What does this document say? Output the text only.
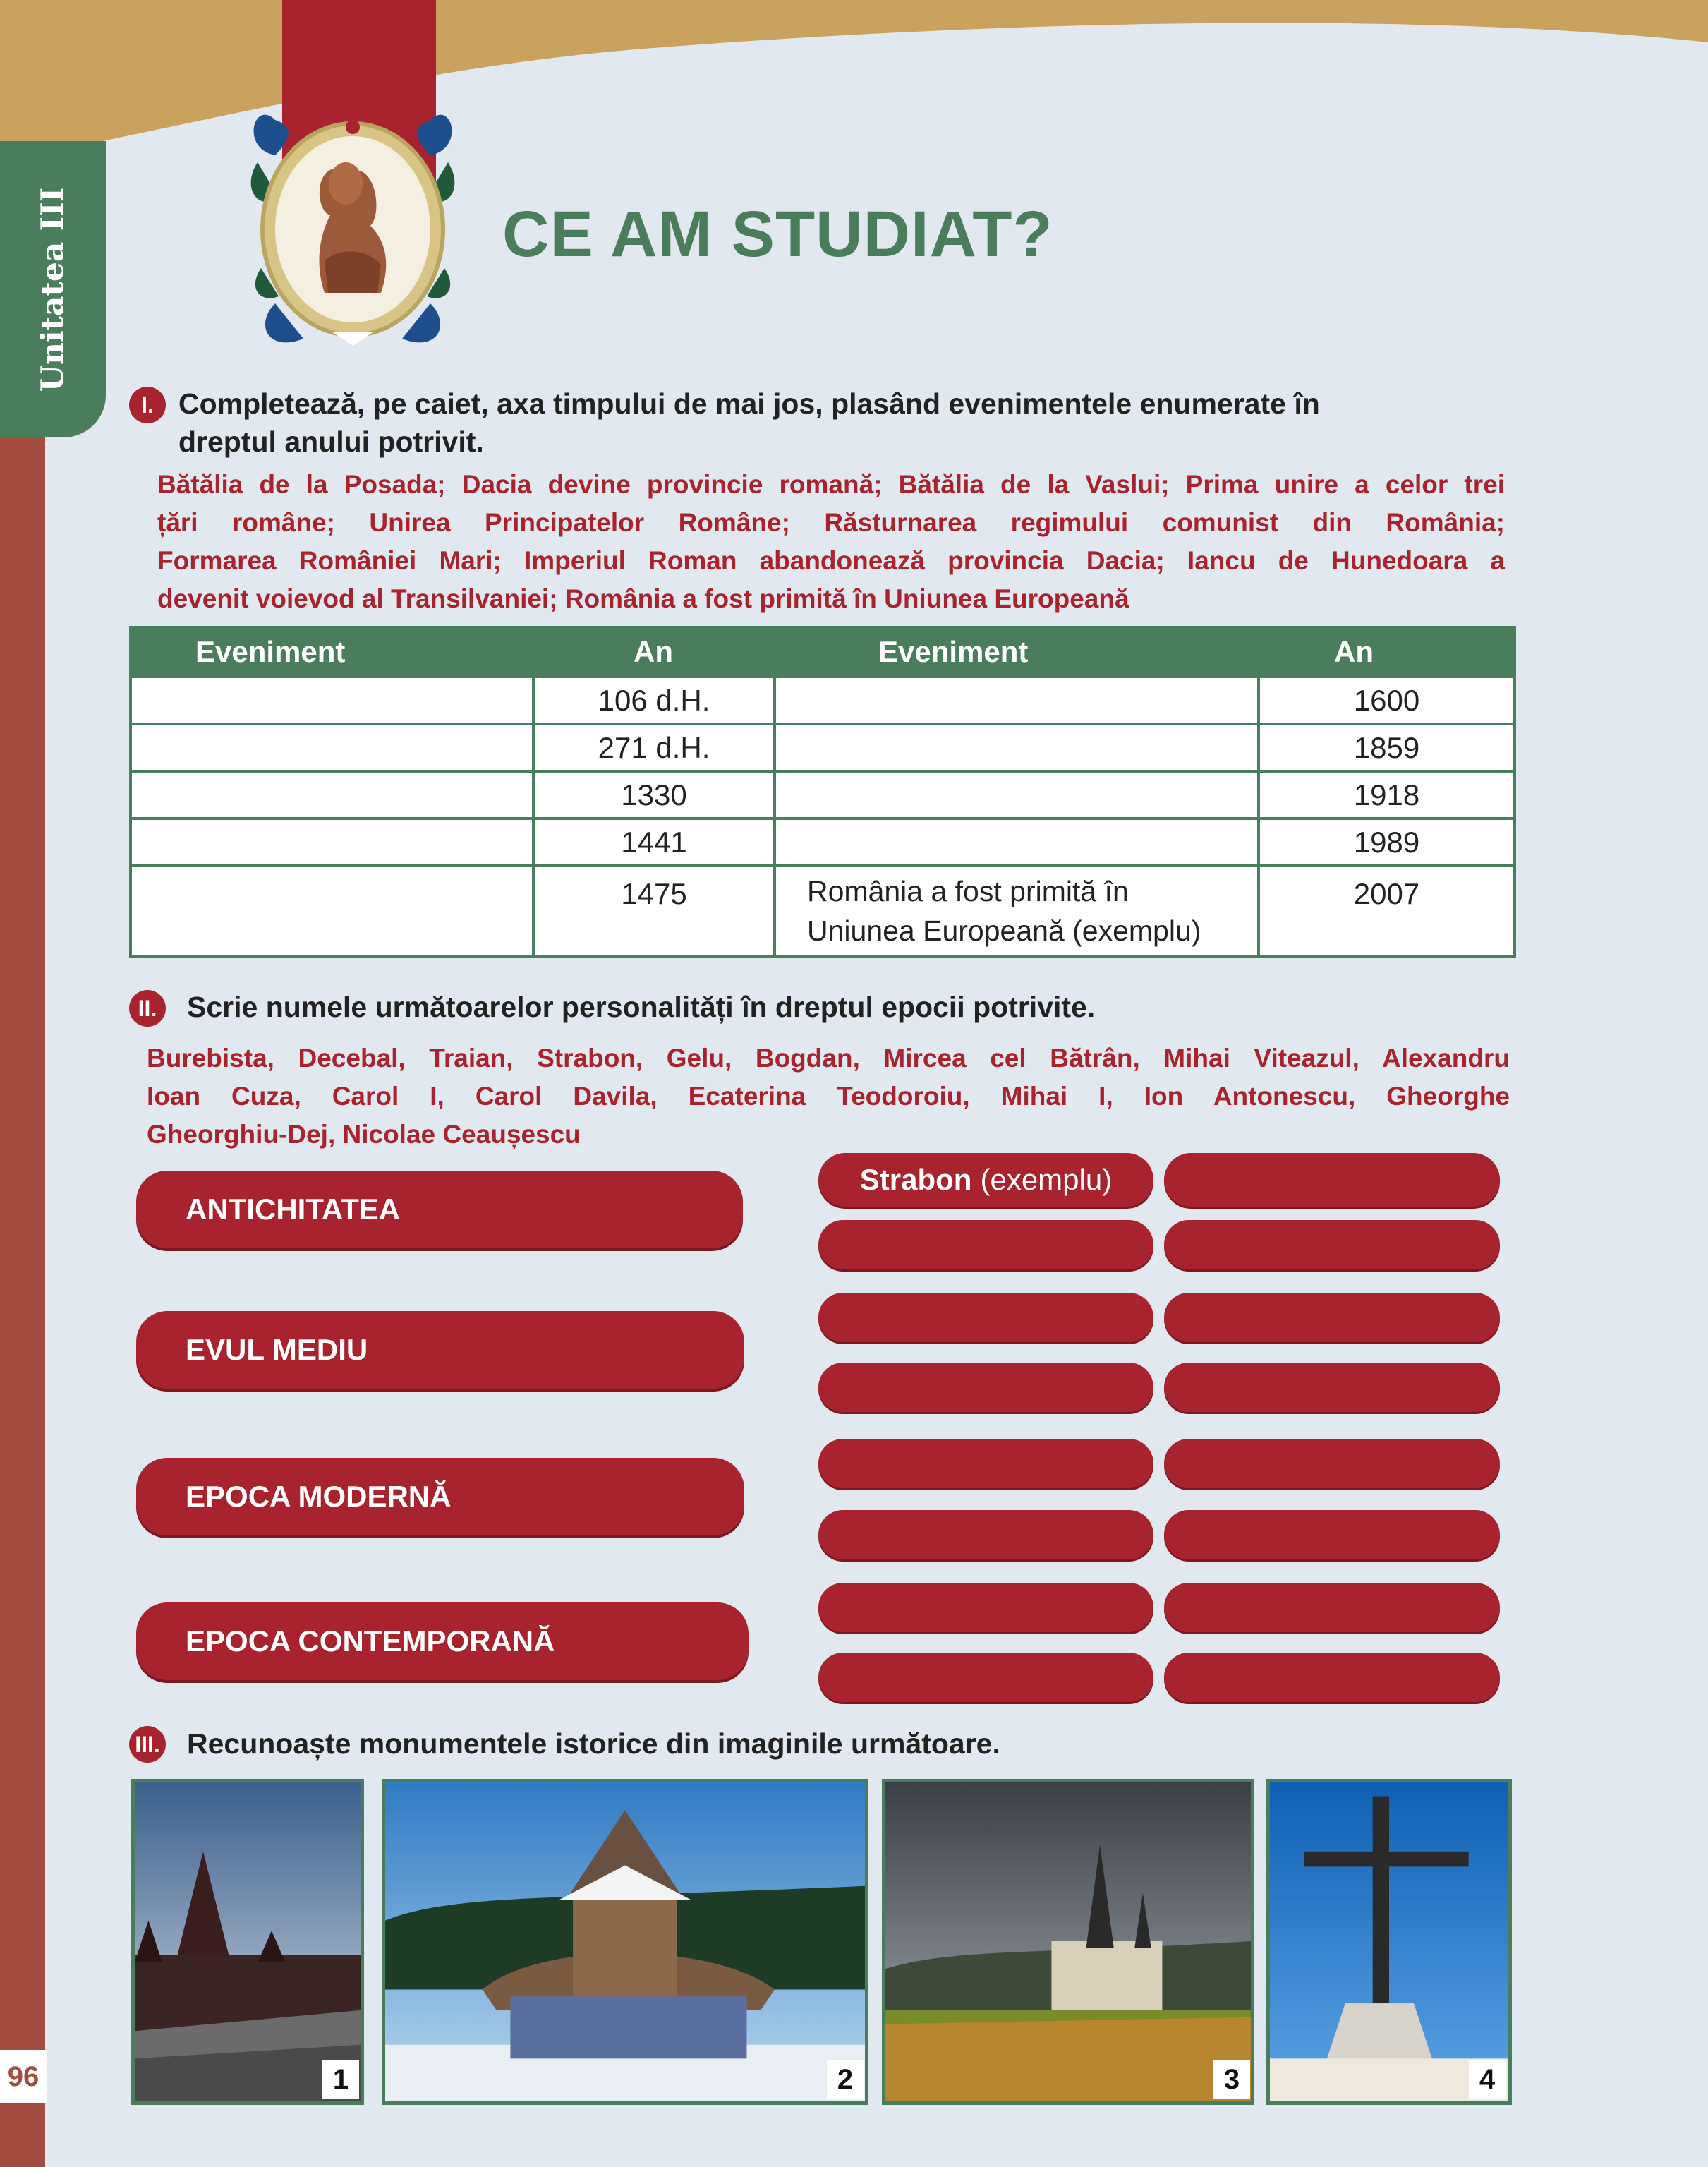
Unitatea III
96
CE AM STUDIAT?
I. Completează, pe caiet, axa timpului de mai jos, plasând evenimentele enumerate în
dreptul anului potrivit.
Bătălia de la Posada; Dacia devine provincie romană; Bătălia de la Vaslui; Prima unire a celor trei
țări române; Unirea Principatelor Române; Răsturnarea regimului comunist din România;
Formarea României Mari; Imperiul Roman abandonează provincia Dacia; Iancu de Hunedoara a
devenit voievod al Transilvaniei; România a fost primită în Uniunea Europeană
Eveniment	An	Eveniment	An
	106 d.H.		1600
	271 d.H.		1859
	1330		1918
	1441		1989
	1475	România a fost primită în
Uniunea Europeană (exemplu)	2007
II.	Scrie numele următoarelor personalități în dreptul epocii potrivite.
Burebista, Decebal, Traian, Strabon, Gelu, Bogdan, Mircea cel Bătrân, Mihai Viteazul, Alexandru
Ioan Cuza, Carol I, Carol Davila, Ecaterina Teodoroiu, Mihai I, Ion Antonescu, Gheorghe
Gheorghiu-Dej, Nicolae Ceaușescu
ANTICHITATEA
EVUL MEDIU
EPOCA MODERNĂ
EPOCA CONTEMPORANĂ
Strabon (exemplu)
III. Recunoaște monumentele istorice din imaginile următoare.
1	2	3	4
